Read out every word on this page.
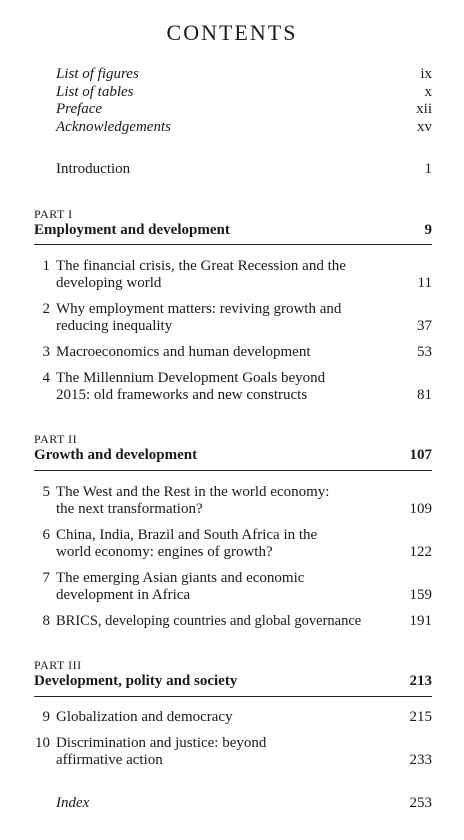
CONTENTS
List of figures	ix
List of tables	x
Preface	xii
Acknowledgements	xv
Introduction	1
PART I
Employment and development	9
1 The financial crisis, the Great Recession and the
developing world	11
2 Why employment matters: reviving growth and
reducing inequality	37
3 Macroeconomics and human development	53
4 The Millennium Development Goals beyond
2015: old frameworks and new constructs	81
PART II
Growth and development	107
5 The West and the Rest in the world economy:
the next transformation?	109
6 China, India, Brazil and South Africa in the
world economy: engines of growth?	122
7 The emerging Asian giants and economic
development in Africa	159
8 BRICS, developing countries and global governance	191
PART III
Development, polity and society	213
9 Globalization and democracy	215
10 Discrimination and justice: beyond
affirmative action	233
Index	253
